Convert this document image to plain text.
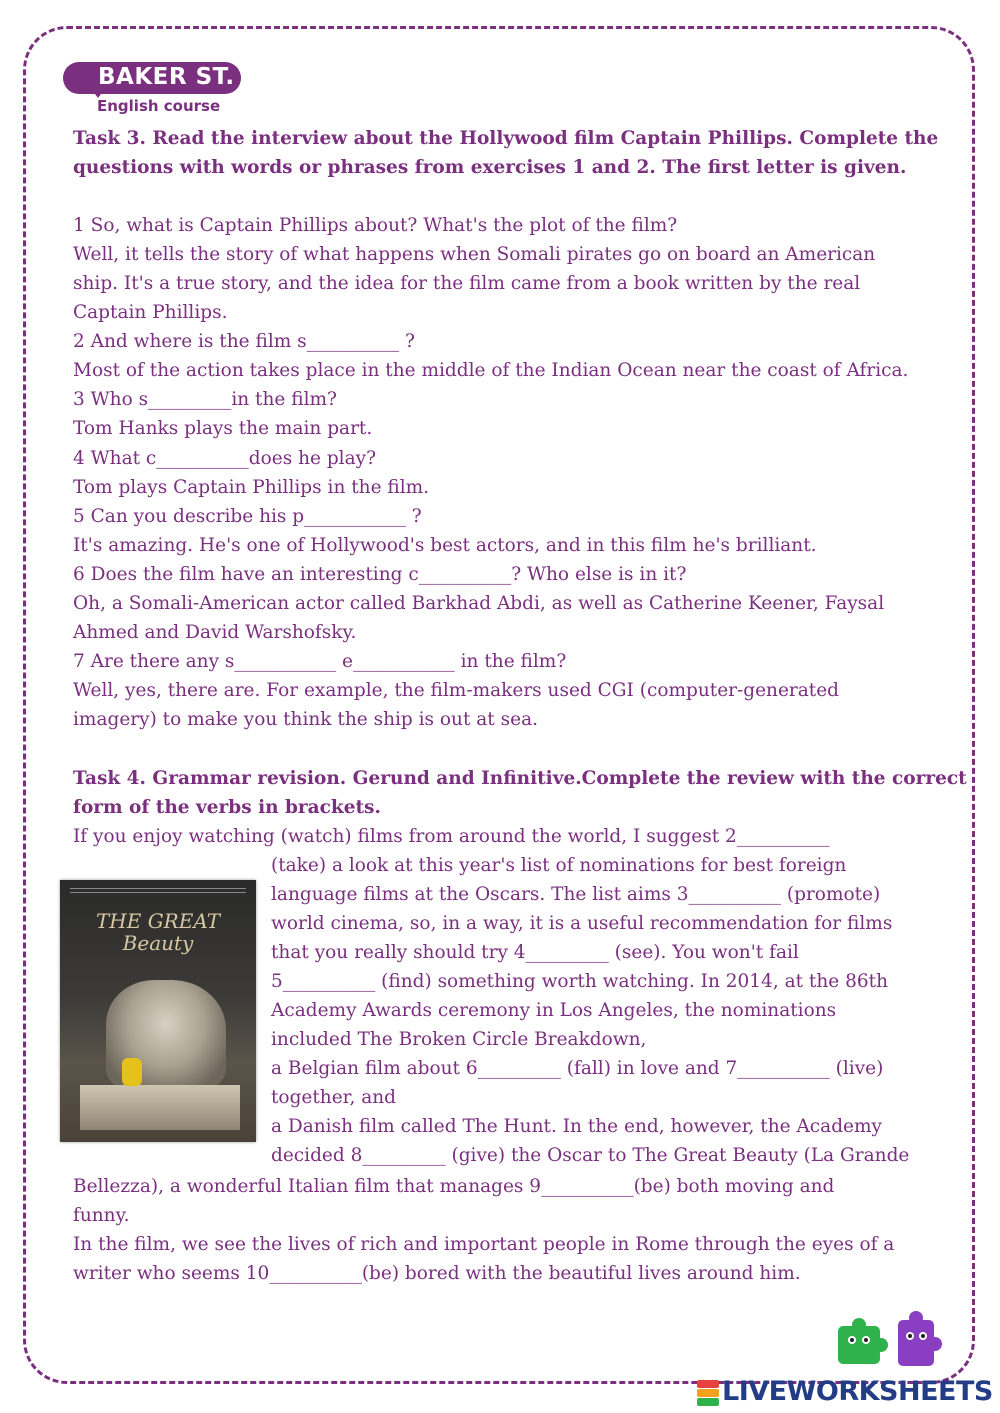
BAKER ST.
English course
Task 3. Read the interview about the Hollywood film Captain Phillips. Complete the
questions with words or phrases from exercises 1 and 2. The first letter is given.
1 So, what is Captain Phillips about? What's the plot of the film?
Well, it tells the story of what happens when Somali pirates go on board an American
ship. It's a true story, and the idea for the film came from a book written by the real
Captain Phillips.
2 And where is the film s__________ ?
Most of the action takes place in the middle of the Indian Ocean near the coast of Africa.
3 Who s_________in the film?
Tom Hanks plays the main part.
4 What c__________does he play?
Tom plays Captain Phillips in the film.
5 Can you describe his p___________ ?
It's amazing. He's one of Hollywood's best actors, and in this film he's brilliant.
6 Does the film have an interesting c__________? Who else is in it?
Oh, a Somali-American actor called Barkhad Abdi, as well as Catherine Keener, Faysal
Ahmed and David Warshofsky.
7 Are there any s___________ e___________ in the film?
Well, yes, there are. For example, the film-makers used CGI (computer-generated
imagery) to make you think the ship is out at sea.
Task 4. Grammar revision. Gerund and Infinitive.Complete the review with the correct
form of the verbs in brackets.
If you enjoy watching (watch) films from around the world, I suggest 2__________
(take) a look at this year's list of nominations for best foreign
language films at the Oscars. The list aims 3__________ (promote)
world cinema, so, in a way, it is a useful recommendation for films
that you really should try 4_________ (see). You won't fail
5__________ (find) something worth watching. In 2014, at the 86th
Academy Awards ceremony in Los Angeles, the nominations
included The Broken Circle Breakdown,
a Belgian film about 6_________ (fall) in love and 7__________ (live)
together, and
a Danish film called The Hunt. In the end, however, the Academy
decided 8_________ (give) the Oscar to The Great Beauty (La Grande
Bellezza), a wonderful Italian film that manages 9__________(be) both moving and
funny.
In the film, we see the lives of rich and important people in Rome through the eyes of a
writer who seems 10__________(be) bored with the beautiful lives around him.
THE GREAT Beauty
LIVEWORKSHEETS
